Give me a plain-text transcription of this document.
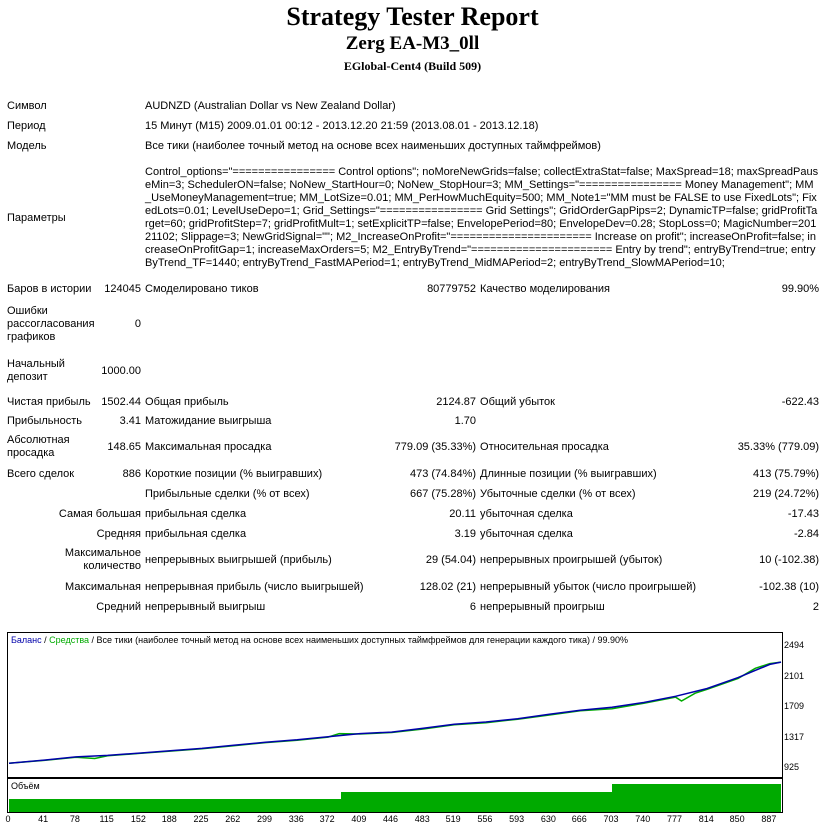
Strategy Tester Report
Zerg EA-M3_0ll
EGlobal-Cent4 (Build 509)
Символ		AUDNZD (Australian Dollar vs New Zealand Dollar)			
Период		15 Минут (M15) 2009.01.01 00:12 - 2013.12.20 21:59 (2013.08.01 - 2013.12.18)			
Модель		Все тики (наиболее точный метод на основе всех наименьших доступных таймфреймов)			
Параметры		Control_options="================ Control options"; noMoreNewGrids=false; collectExtraStat=false; MaxSpread=18; maxSpreadPauseMin=3; SchedulerON=false; NoNew_StartHour=0; NoNew_StopHour=3; MM_Settings="================ Money Management"; MM_UseMoneyManagement=true; MM_LotSize=0.01; MM_PerHowMuchEquity=500; MM_Note1="MM must be FALSE to use FixedLots"; FixedLots=0.01; LevelUseDepo=1; Grid_Settings="================ Grid Settings"; GridOrderGapPips=2; DynamicTP=false; gridProfitTarget=60; gridProfitStep=7; gridProfitMult=1; setExplicitTP=false; EnvelopePeriod=80; EnvelopeDev=0.28; StopLoss=0; MagicNumber=20121102; Slippage=3; NewGridSignal=""; M2_IncreaseOnProfit="====================== Increase on profit"; increaseOnProfit=false; increaseOnProfitGap=1; increaseMaxOrders=5; M2_EntryByTrend="====================== Entry by trend"; entryByTrend=true; entryByTrend_TF=1440; entryByTrend_FastMAPeriod=1; entryByTrend_MidMAPeriod=2; entryByTrend_SlowMAPeriod=10;			
Баров в истории	124045	Смоделировано тиков	80779752	Качество моделирования	99.90%
Ошибки рассогласования графиков	0				
Начальный депозит	1000.00				
Чистая прибыль	1502.44	Общая прибыль	2124.87	Общий убыток	-622.43
Прибыльность	3.41	Матожидание выигрыша	1.70		
Абсолютная просадка	148.65	Максимальная просадка	779.09 (35.33%)	Относительная просадка	35.33% (779.09)
Всего сделок	886	Короткие позиции (% выигравших)	473 (74.84%)	Длинные позиции (% выигравших)	413 (75.79%)
		Прибыльные сделки (% от всех)	667 (75.28%)	Убыточные сделки (% от всех)	219 (24.72%)
Самая большая		прибыльная сделка	20.11	убыточная сделка	-17.43
Средняя		прибыльная сделка	3.19	убыточная сделка	-2.84
Максимальное количество		непрерывных выигрышей (прибыль)	29 (54.04)	непрерывных проигрышей (убыток)	10 (-102.38)
Максимальная		непрерывная прибыль (число выигрышей)	128.02 (21)	непрерывный убыток (число проигрышей)	-102.38 (10)
Средний		непрерывный выигрыш	6	непрерывный проигрыш	2
Баланс / Средства / Все тики (наиболее точный метод на основе всех наименьших доступных таймфреймов для генерации каждого тика) / 99.90%
Объём
2494
2101
1709
1317
925
0	41 78 115 152 188 225 262 299 336 372 409 446 483 519 556 593 630 666 703 740 777 814 850 887
